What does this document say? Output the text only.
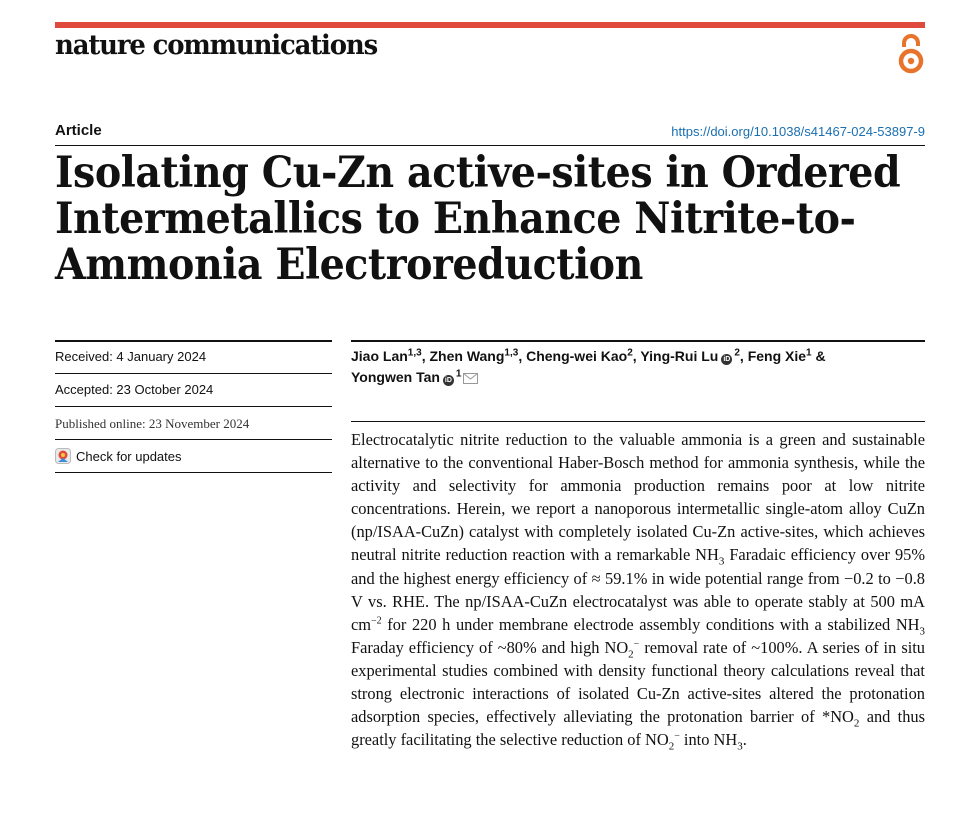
nature communications
Article	https://doi.org/10.1038/s41467-024-53897-9
Isolating Cu-Zn active-sites in Ordered
Intermetallics to Enhance Nitrite-to-
Ammonia Electroreduction
Received: 4 January 2024
Accepted: 23 October 2024
Published online: 23 November 2024
Check for updates
Jiao Lan$^{1,3}$, Zhen Wang$^{1,3}$, Cheng-wei Kao$^2$, Ying-Rui Lu $iD^2$, Feng Xie$^1$ &
Yongwen Tan $iD^1$

Electrocatalytic nitrite reduction to the valuable ammonia is a green and sustainable alternative to the conventional Haber-Bosch method for ammonia synthesis, while the activity and selectivity for ammonia production remains poor at low nitrite concentrations. Herein, we report a nanoporous intermetallic single-atom alloy CuZn (np/ISAA-CuZn) catalyst with completely isolated Cu-Zn active-sites, which achieves neutral nitrite reduction reaction with a remarkable $NH_3$ Faradaic efficiency over 95% and the highest energy efficiency of ≈ 59.1% in wide potential range from −0.2 to −0.8 V vs. RHE. The np/ISAA-CuZn electrocatalyst was able to operate stably at 500 mA $cm^{-2}$ for 220 h under membrane electrode assembly conditions with a stabilized $NH_3$ Faraday efficiency of ~80% and high $NO_2^-$ removal rate of ~100%. A series of in situ experimental studies combined with density functional theory calculations reveal that strong electronic interactions of isolated Cu-Zn active-sites altered the protonation adsorption species, effectively alleviating the protonation barrier of $*NO_2$ and thus greatly facilitating the selective reduction of $NO_2^-$ into $NH_3$.
